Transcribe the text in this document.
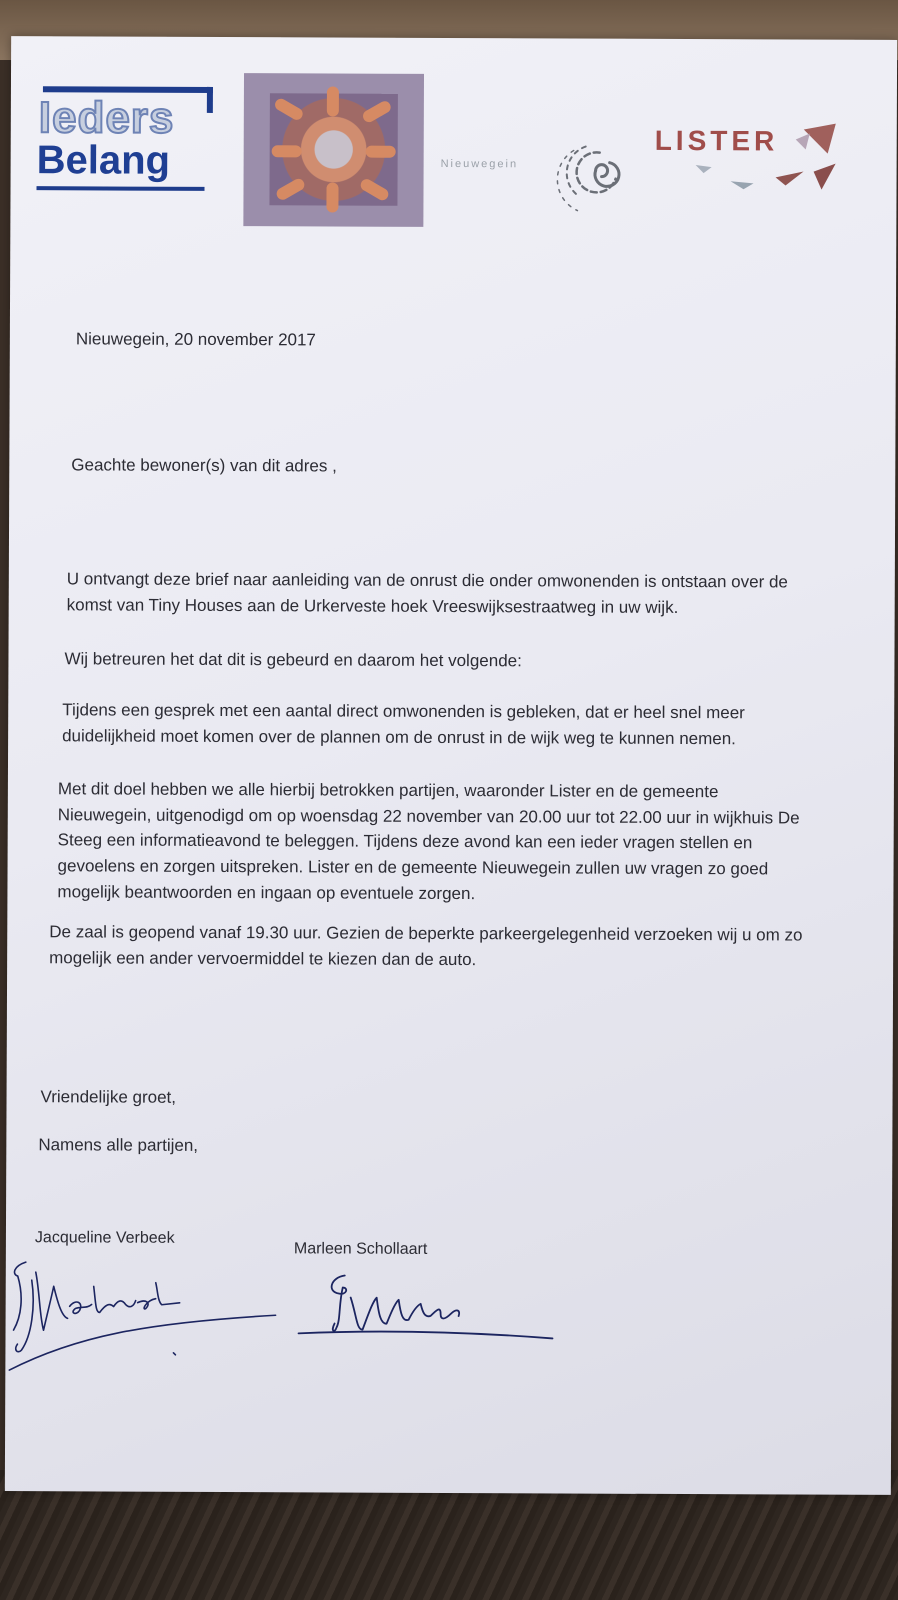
Ieders
Belang	Nieuwegein
LISTER
Nieuwegein, 20 november 2017
Geachte bewoner(s) van dit adres ,
U ontvangt deze brief naar aanleiding van de onrust die onder omwonenden is ontstaan over de
komst van Tiny Houses aan de Urkerveste hoek Vreeswijksestraatweg in uw wijk.
Wij betreuren het dat dit is gebeurd en daarom het volgende:
Tijdens een gesprek met een aantal direct omwonenden is gebleken, dat er heel snel meer
duidelijkheid moet komen over de plannen om de onrust in de wijk weg te kunnen nemen.
Met dit doel hebben we alle hierbij betrokken partijen, waaronder Lister en de gemeente
Nieuwegein, uitgenodigd om op woensdag 22 november van 20.00 uur tot 22.00 uur in wijkhuis De
Steeg een informatieavond te beleggen. Tijdens deze avond kan een ieder vragen stellen en
gevoelens en zorgen uitspreken. Lister en de gemeente Nieuwegein zullen uw vragen zo goed
mogelijk beantwoorden en ingaan op eventuele zorgen.
De zaal is geopend vanaf 19.30 uur. Gezien de beperkte parkeergelegenheid verzoeken wij u om zo
mogelijk een ander vervoermiddel te kiezen dan de auto.
Vriendelijke groet,
Namens alle partijen,
Jacqueline Verbeek
Marleen Schollaart
